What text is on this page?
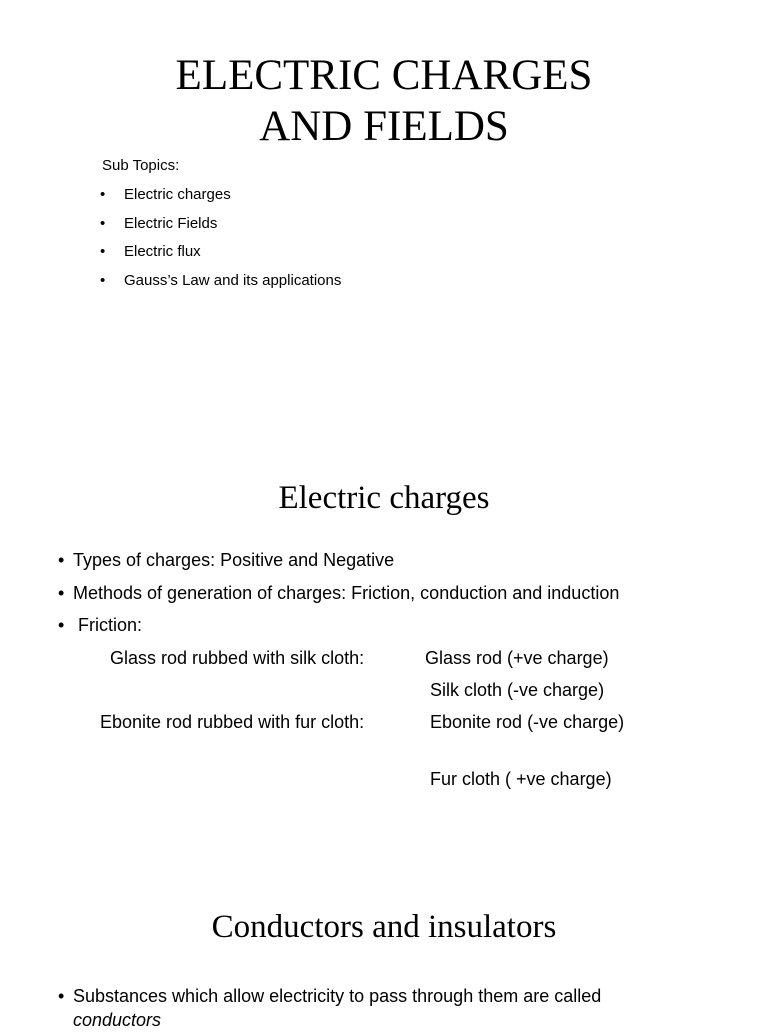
ELECTRIC CHARGES
AND FIELDS
Sub Topics:
• Electric charges
• Electric Fields
• Electric flux
• Gauss’s Law and its applications
Electric charges
• Types of charges: Positive and Negative
• Methods of generation of charges: Friction, conduction and induction
• Friction:
Glass rod rubbed with silk cloth:	Glass rod (+ve charge)
Silk cloth (-ve charge)
Ebonite rod rubbed with fur cloth:	Ebonite rod (-ve charge)
Fur cloth ( +ve charge)
Conductors and insulators
• Substances which allow electricity to pass through them are called
conductors
